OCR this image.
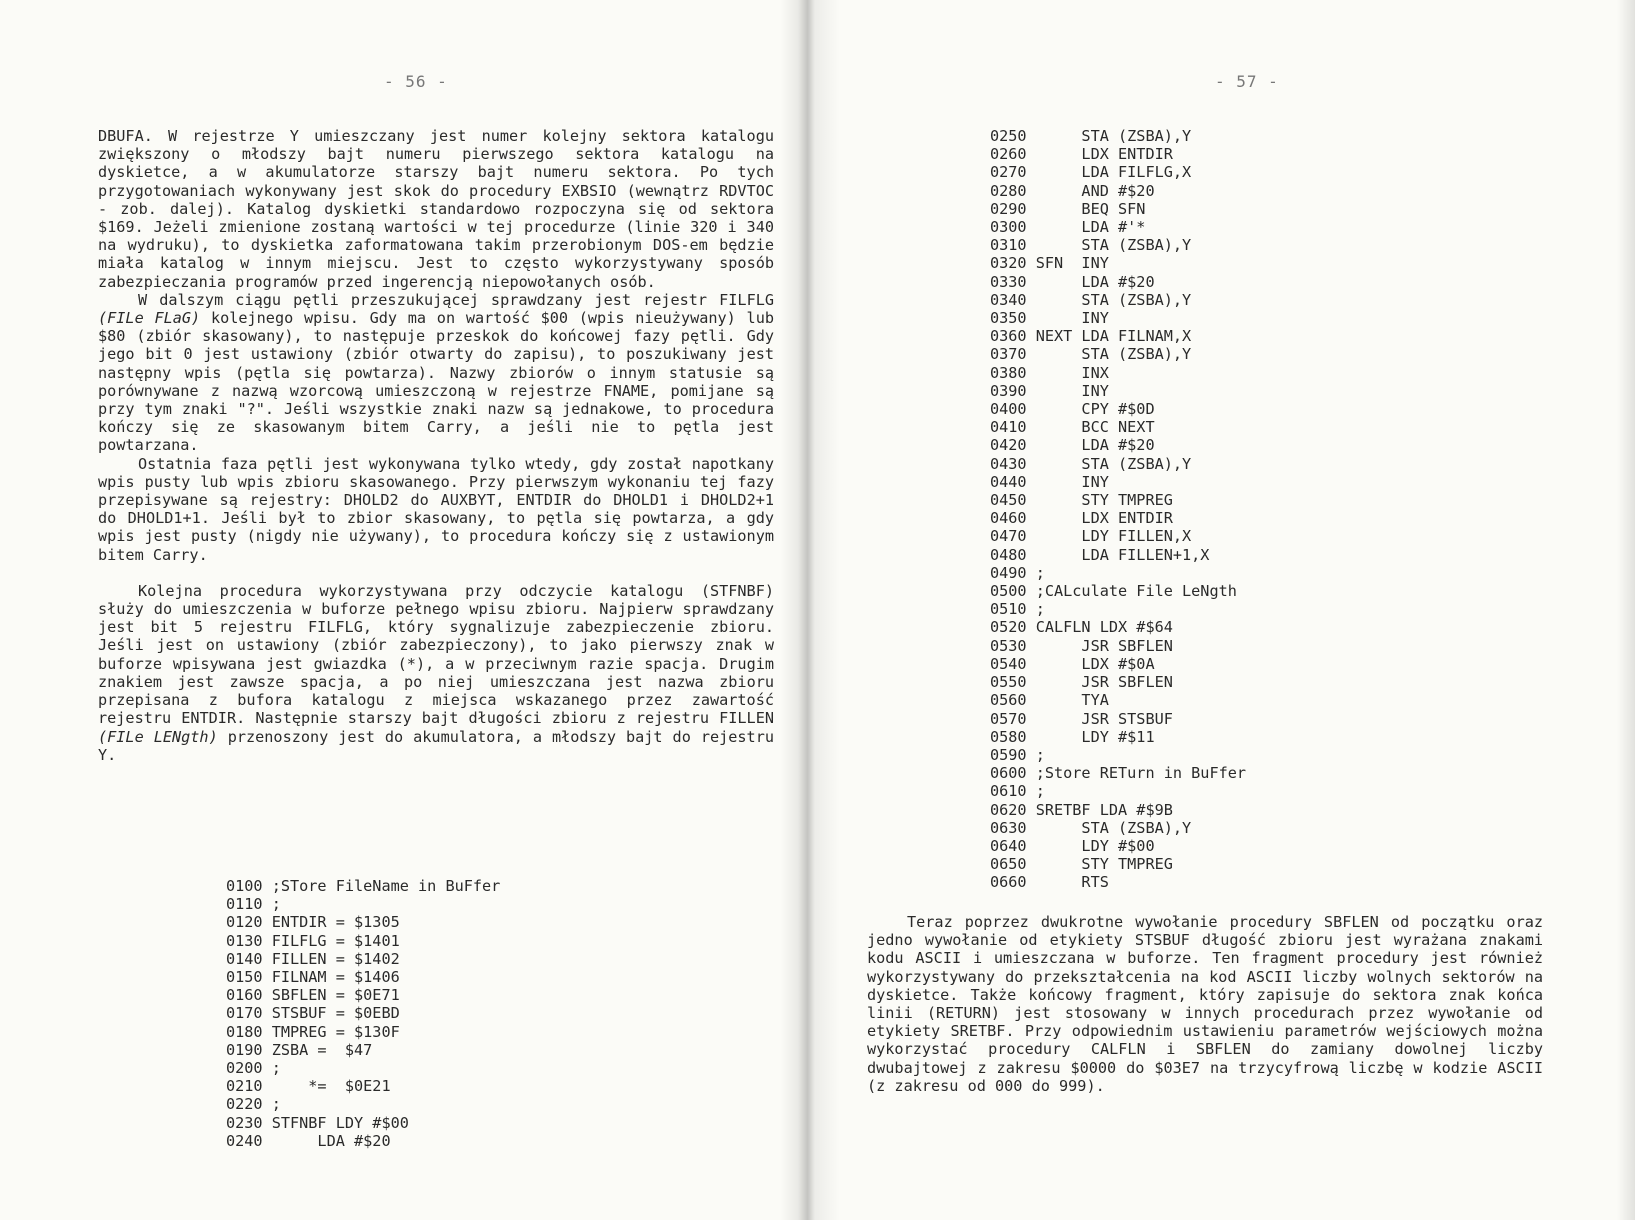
- 56 -

DBUFA. W rejestrze Y umieszczany jest numer kolejny sektora katalogu zwiększony o młodszy bajt numeru pierwszego sektora katalogu na dyskietce, a w akumulatorze starszy bajt numeru sektora. Po tych przygotowaniach wykonywany jest skok do procedury EXBSIO (wewnątrz RDVTOC - zob. dalej). Katalog dyskietki standardowo rozpoczyna się od sektora $169. Jeżeli zmienione zostaną wartości w tej procedurze (linie 320 i 340 na wydruku), to dyskietka zaformatowana takim przerobionym DOS-em będzie miała katalog w innym miejscu. Jest to często wykorzystywany sposób zabezpieczania programów przed ingerencją niepowołanych osób.

W dalszym ciągu pętli przeszukującej sprawdzany jest rejestr FILFLG (FILe FLaG) kolejnego wpisu. Gdy ma on wartość $00 (wpis nieużywany) lub $80 (zbiór skasowany), to następuje przeskok do końcowej fazy pętli. Gdy jego bit 0 jest ustawiony (zbiór otwarty do zapisu), to poszukiwany jest następny wpis (pętla się powtarza). Nazwy zbiorów o innym statusie są porównywane z nazwą wzorcową umieszczoną w rejestrze FNAME, pomijane są przy tym znaki "?". Jeśli wszystkie znaki nazw są jednakowe, to procedura kończy się ze skasowanym bitem Carry, a jeśli nie to pętla jest powtarzana.

Ostatnia faza pętli jest wykonywana tylko wtedy, gdy został napotkany wpis pusty lub wpis zbioru skasowanego. Przy pierwszym wykonaniu tej fazy przepisywane są rejestry: DHOLD2 do AUXBYT, ENTDIR do DHOLD1 i DHOLD2+1 do DHOLD1+1. Jeśli był to zbior skasowany, to pętla się powtarza, a gdy wpis jest pusty (nigdy nie używany), to procedura kończy się z ustawionym bitem Carry.

Kolejna procedura wykorzystywana przy odczycie katalogu (STFNBF) służy do umieszczenia w buforze pełnego wpisu zbioru. Najpierw sprawdzany jest bit 5 rejestru FILFLG, który sygnalizuje zabezpieczenie zbioru. Jeśli jest on ustawiony (zbiór zabezpieczony), to jako pierwszy znak w buforze wpisywana jest gwiazdka (*), a w przeciwnym razie spacja. Drugim znakiem jest zawsze spacja, a po niej umieszczana jest nazwa zbioru przepisana z bufora katalogu z miejsca wskazanego przez zawartość rejestru ENTDIR. Następnie starszy bajt długości zbioru z rejestru FILLEN (FILe LENgth) przenoszony jest do akumulatora, a młodszy bajt do rejestru Y.

0100 ;STore FileName in BuFfer
0110 ;
0120 ENTDIR = $1305
0130 FILFLG = $1401
0140 FILLEN = $1402
0150 FILNAM = $1406
0160 SBFLEN = $0E71
0170 STSBUF = $0EBD
0180 TMPREG = $130F
0190 ZSBA =  $47
0200 ;
0210     *=  $0E21
0220 ;
0230 STFNBF LDY #$00
0240      LDA #$20
- 57 -
0250      STA (ZSBA),Y
0260      LDX ENTDIR
0270      LDA FILFLG,X
0280      AND #$20
0290      BEQ SFN
0300      LDA #'*
0310      STA (ZSBA),Y
0320 SFN  INY
0330      LDA #$20
0340      STA (ZSBA),Y
0350      INY
0360 NEXT LDA FILNAM,X
0370      STA (ZSBA),Y
0380      INX
0390      INY
0400      CPY #$0D
0410      BCC NEXT
0420      LDA #$20
0430      STA (ZSBA),Y
0440      INY
0450      STY TMPREG
0460      LDX ENTDIR
0470      LDY FILLEN,X
0480      LDA FILLEN+1,X
0490 ;
0500 ;CALculate File LeNgth
0510 ;
0520 CALFLN LDX #$64
0530      JSR SBFLEN
0540      LDX #$0A
0550      JSR SBFLEN
0560      TYA
0570      JSR STSBUF
0580      LDY #$11
0590 ;
0600 ;Store RETurn in BuFfer
0610 ;
0620 SRETBF LDA #$9B
0630      STA (ZSBA),Y
0640      LDY #$00
0650      STY TMPREG
0660      RTS

Teraz poprzez dwukrotne wywołanie procedury SBFLEN od początku oraz jedno wywołanie od etykiety STSBUF długość zbioru jest wyrażana znakami kodu ASCII i umieszczana w buforze. Ten fragment procedury jest również wykorzystywany do przekształcenia na kod ASCII liczby wolnych sektorów na dyskietce. Także końcowy fragment, który zapisuje do sektora znak końca linii (RETURN) jest stosowany w innych procedurach przez wywołanie od etykiety SRETBF. Przy odpowiednim ustawieniu parametrów wejściowych można wykorzystać procedury CALFLN i SBFLEN do zamiany dowolnej liczby dwubajtowej z zakresu $0000 do $03E7 na trzycyfrową liczbę w kodzie ASCII (z zakresu od 000 do 999).
